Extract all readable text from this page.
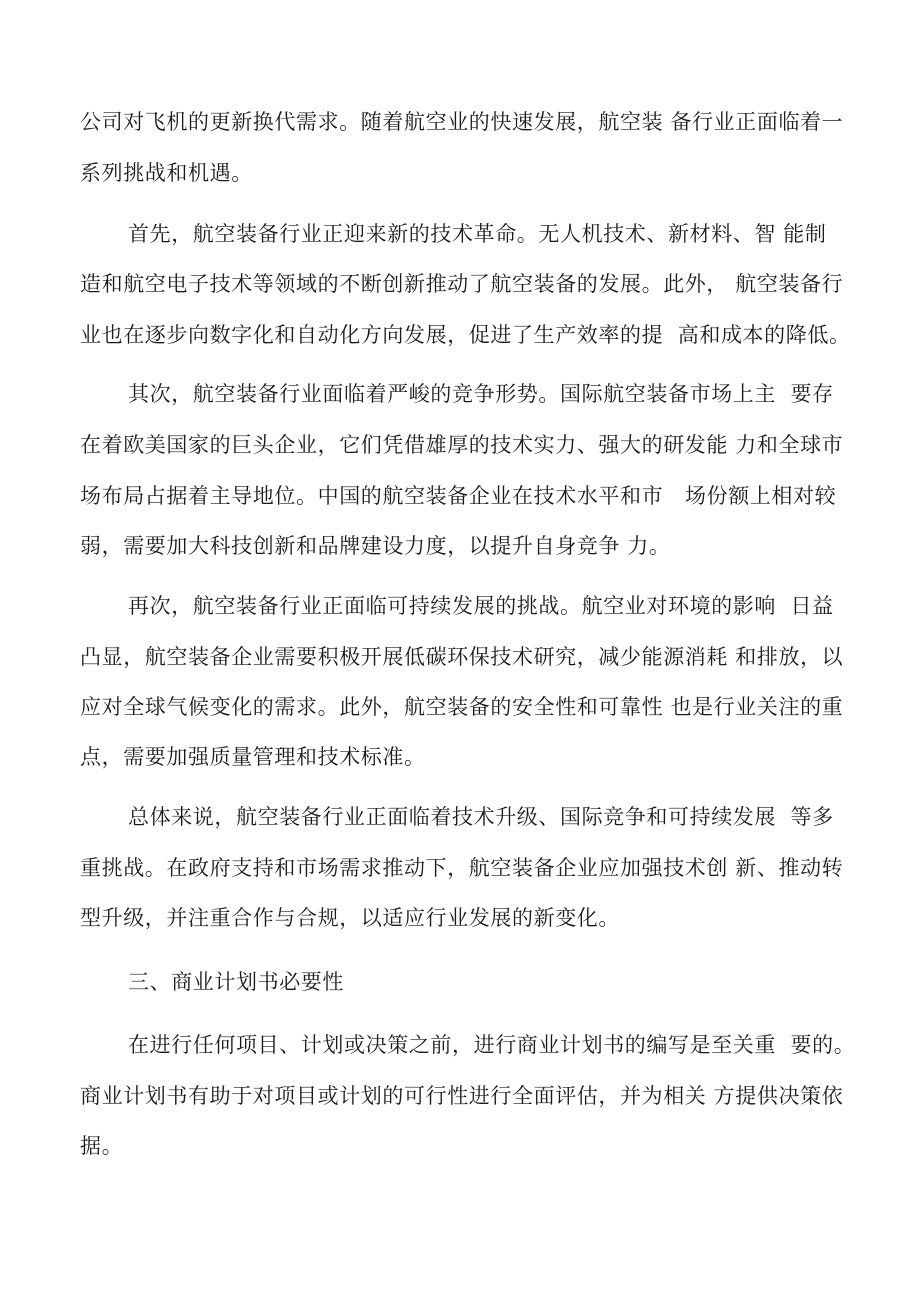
公司对飞机的更新换代需求。随着航空业的快速发展，航空装 备行业正面临着一
系列挑战和机遇。
首先，航空装备行业正迎来新的技术革命。无人机技术、新材料、智 能制
造和航空电子技术等领域的不断创新推动了航空装备的发展。此外， 航空装备行
业也在逐步向数字化和自动化方向发展，促进了生产效率的提  高和成本的降低。
其次，航空装备行业面临着严峻的竞争形势。国际航空装备市场上主  要存
在着欧美国家的巨头企业，它们凭借雄厚的技术实力、强大的研发能 力和全球市
场布局占据着主导地位。中国的航空装备企业在技术水平和市   场份额上相对较
弱，需要加大科技创新和品牌建设力度，以提升自身竞争 力。
再次，航空装备行业正面临可持续发展的挑战。航空业对环境的影响  日益
凸显，航空装备企业需要积极开展低碳环保技术研究，减少能源消耗 和排放，以
应对全球气候变化的需求。此外，航空装备的安全性和可靠性 也是行业关注的重
点，需要加强质量管理和技术标准。
总体来说，航空装备行业正面临着技术升级、国际竞争和可持续发展  等多
重挑战。在政府支持和市场需求推动下，航空装备企业应加强技术创 新、推动转
型升级，并注重合作与合规，以适应行业发展的新变化。
三、商业计划书必要性
在进行任何项目、计划或决策之前，进行商业计划书的编写是至关重  要的。
商业计划书有助于对项目或计划的可行性进行全面评估，并为相关 方提供决策依
据。
